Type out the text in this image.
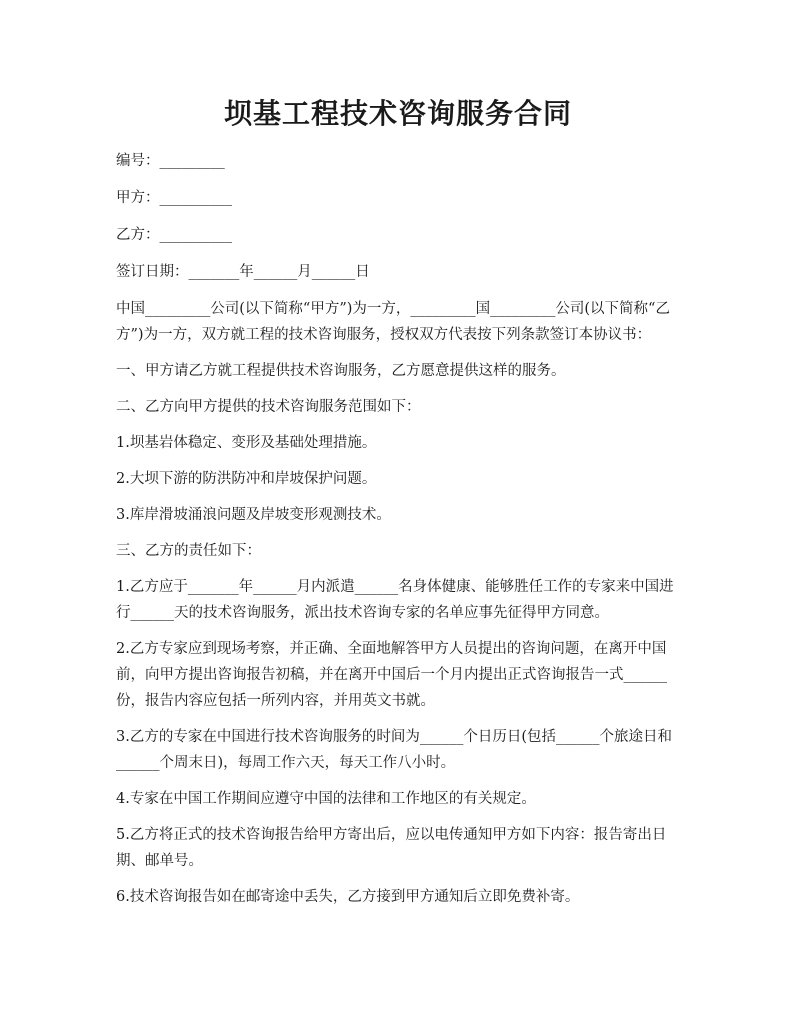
坝基工程技术咨询服务合同

编号：_________

甲方：__________

乙方：__________

签订日期：_______年______月______日

中国_________公司(以下简称“甲方”)为一方，_________国_________公司(以下简称“乙方”)为一方，双方就工程的技术咨询服务，授权双方代表按下列条款签订本协议书：

一、甲方请乙方就工程提供技术咨询服务，乙方愿意提供这样的服务。

二、乙方向甲方提供的技术咨询服务范围如下：

1.坝基岩体稳定、变形及基础处理措施。

2.大坝下游的防洪防冲和岸坡保护问题。

3.库岸滑坡涌浪问题及岸坡变形观测技术。

三、乙方的责任如下：

1.乙方应于_______年______月内派遣______名身体健康、能够胜任工作的专家来中国进行______天的技术咨询服务，派出技术咨询专家的名单应事先征得甲方同意。

2.乙方专家应到现场考察，并正确、全面地解答甲方人员提出的咨询问题，在离开中国前，向甲方提出咨询报告初稿，并在离开中国后一个月内提出正式咨询报告一式______份，报告内容应包括一所列内容，并用英文书就。

3.乙方的专家在中国进行技术咨询服务的时间为______个日历日(包括______个旅途日和______个周末日)，每周工作六天，每天工作八小时。

4.专家在中国工作期间应遵守中国的法律和工作地区的有关规定。

5.乙方将正式的技术咨询报告给甲方寄出后，应以电传通知甲方如下内容：报告寄出日期、邮单号。

6.技术咨询报告如在邮寄途中丢失，乙方接到甲方通知后立即免费补寄。
